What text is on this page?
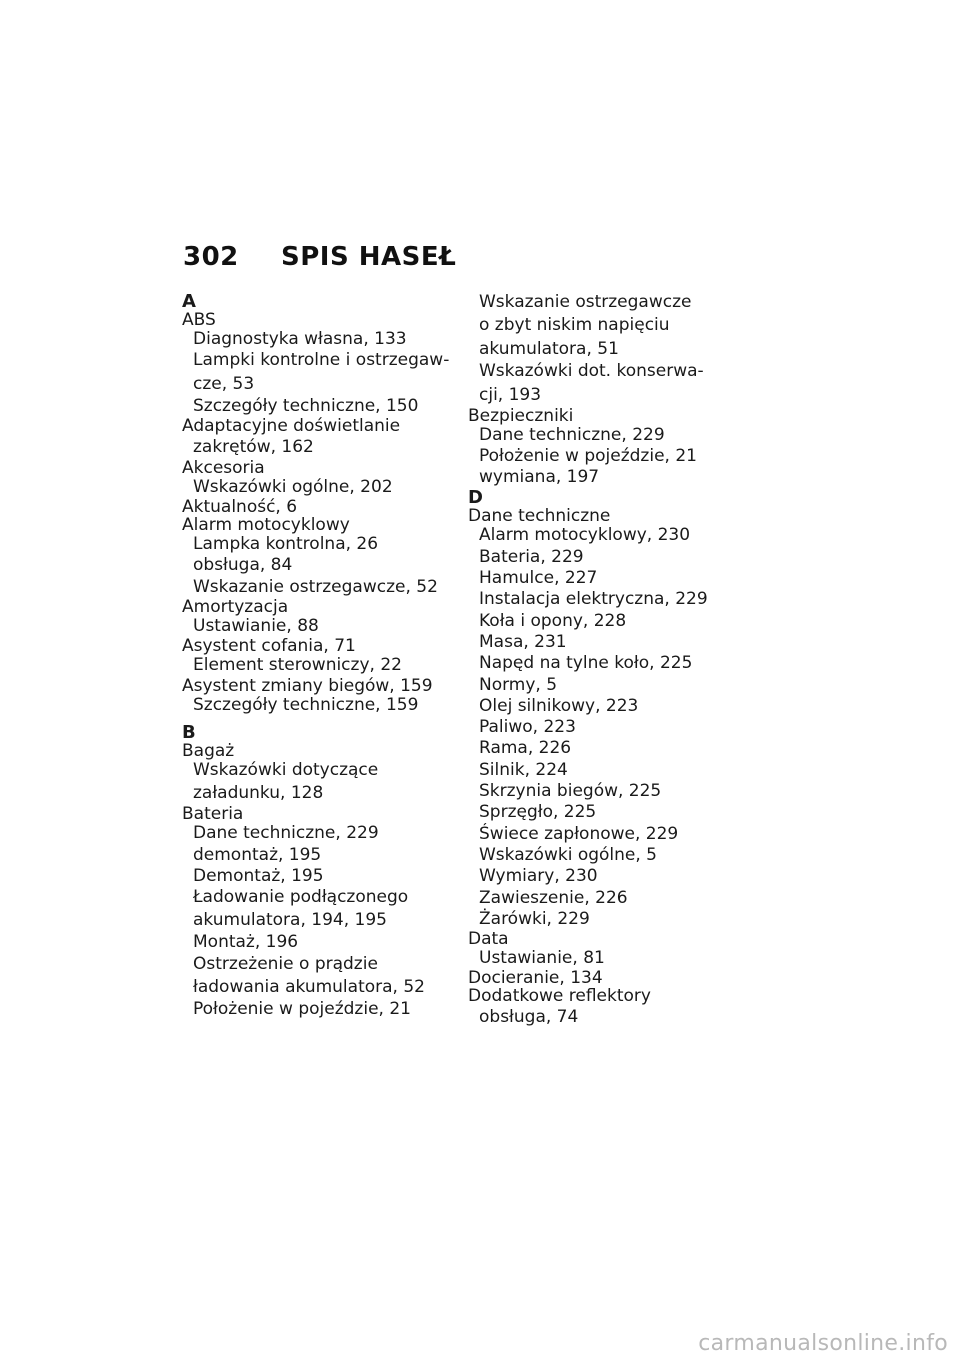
302 SPIS HASEŁ
A
ABS
Diagnostyka własna, 133
Lampki kontrolne i ostrzegaw-
cze, 53
Szczegóły techniczne, 150
Adaptacyjne doświetlanie
zakrętów, 162
Akcesoria
Wskazówki ogólne, 202
Aktualność, 6
Alarm motocyklowy
Lampka kontrolna, 26
obsługa, 84
Wskazanie ostrzegawcze, 52
Amortyzacja
Ustawianie, 88
Asystent cofania, 71
Element sterowniczy, 22
Asystent zmiany biegów, 159
Szczegóły techniczne, 159
B
Bagaż
Wskazówki dotyczące
załadunku, 128
Bateria
Dane techniczne, 229
demontaż, 195
Demontaż, 195
Ładowanie podłączonego
akumulatora, 194, 195
Montaż, 196
Ostrzeżenie o prądzie
ładowania akumulatora, 52
Położenie w pojeździe, 21
Wskazanie ostrzegawcze
o zbyt niskim napięciu
akumulatora, 51
Wskazówki dot. konserwa-
cji, 193
Bezpieczniki
Dane techniczne, 229
Położenie w pojeździe, 21
wymiana, 197
D
Dane techniczne
Alarm motocyklowy, 230
Bateria, 229
Hamulce, 227
Instalacja elektryczna, 229
Koła i opony, 228
Masa, 231
Napęd na tylne koło, 225
Normy, 5
Olej silnikowy, 223
Paliwo, 223
Rama, 226
Silnik, 224
Skrzynia biegów, 225
Sprzęgło, 225
Świece zapłonowe, 229
Wskazówki ogólne, 5
Wymiary, 230
Zawieszenie, 226
Żarówki, 229
Data
Ustawianie, 81
Docieranie, 134
Dodatkowe reflektory
obsługa, 74
carmanualsonline.info
